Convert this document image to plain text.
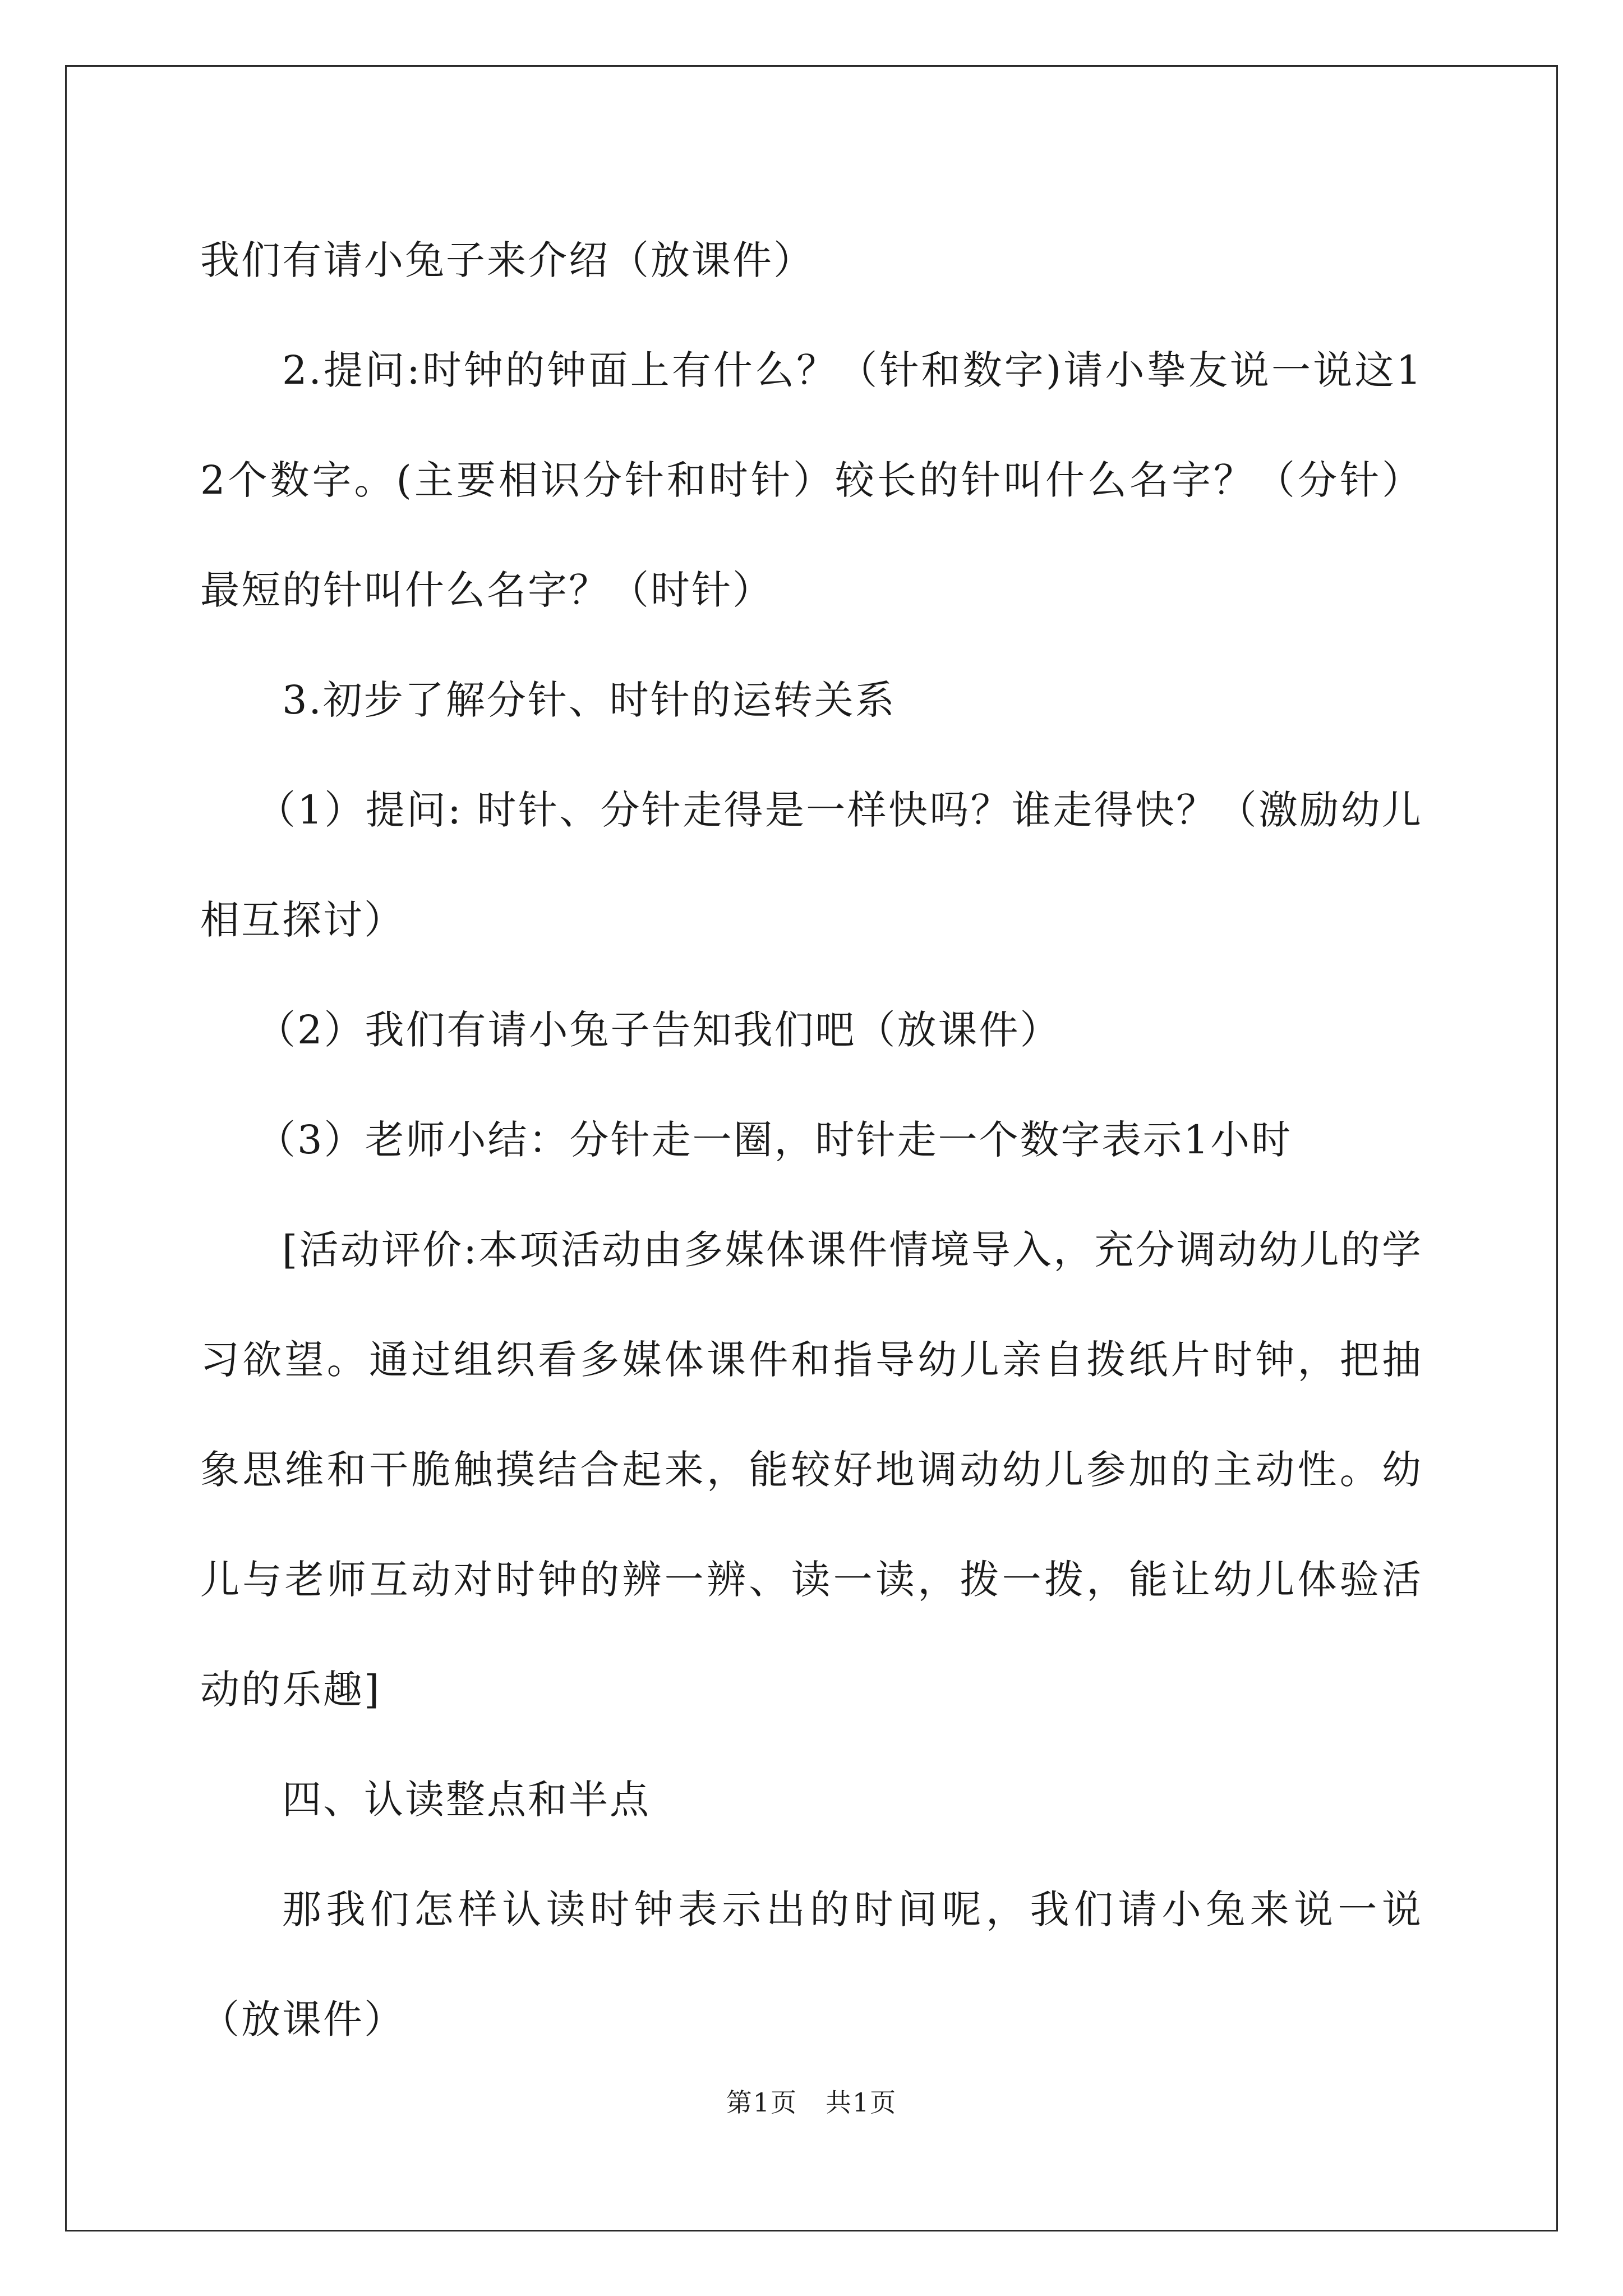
我们有请小兔子来介绍（放课件）

2.提问:时钟的钟面上有什么？（针和数字)请小挚友说一说这12个数字。(主要相识分针和时针）较长的针叫什么名字？（分针）最短的针叫什么名字？（时针）

3.初步了解分针、时针的运转关系

（1）提问: 时针、分针走得是一样快吗？谁走得快？（激励幼儿相互探讨）

（2）我们有请小兔子告知我们吧（放课件）

（3）老师小结：分针走一圈，时针走一个数字表示1小时

[活动评价:本项活动由多媒体课件情境导入，充分调动幼儿的学习欲望。通过组织看多媒体课件和指导幼儿亲自拨纸片时钟，把抽象思维和干脆触摸结合起来，能较好地调动幼儿参加的主动性。幼儿与老师互动对时钟的辨一辨、读一读，拨一拨，能让幼儿体验活动的乐趣]

四、认读整点和半点

那我们怎样认读时钟表示出的时间呢，我们请小兔来说一说（放课件）

第1页 共1页
